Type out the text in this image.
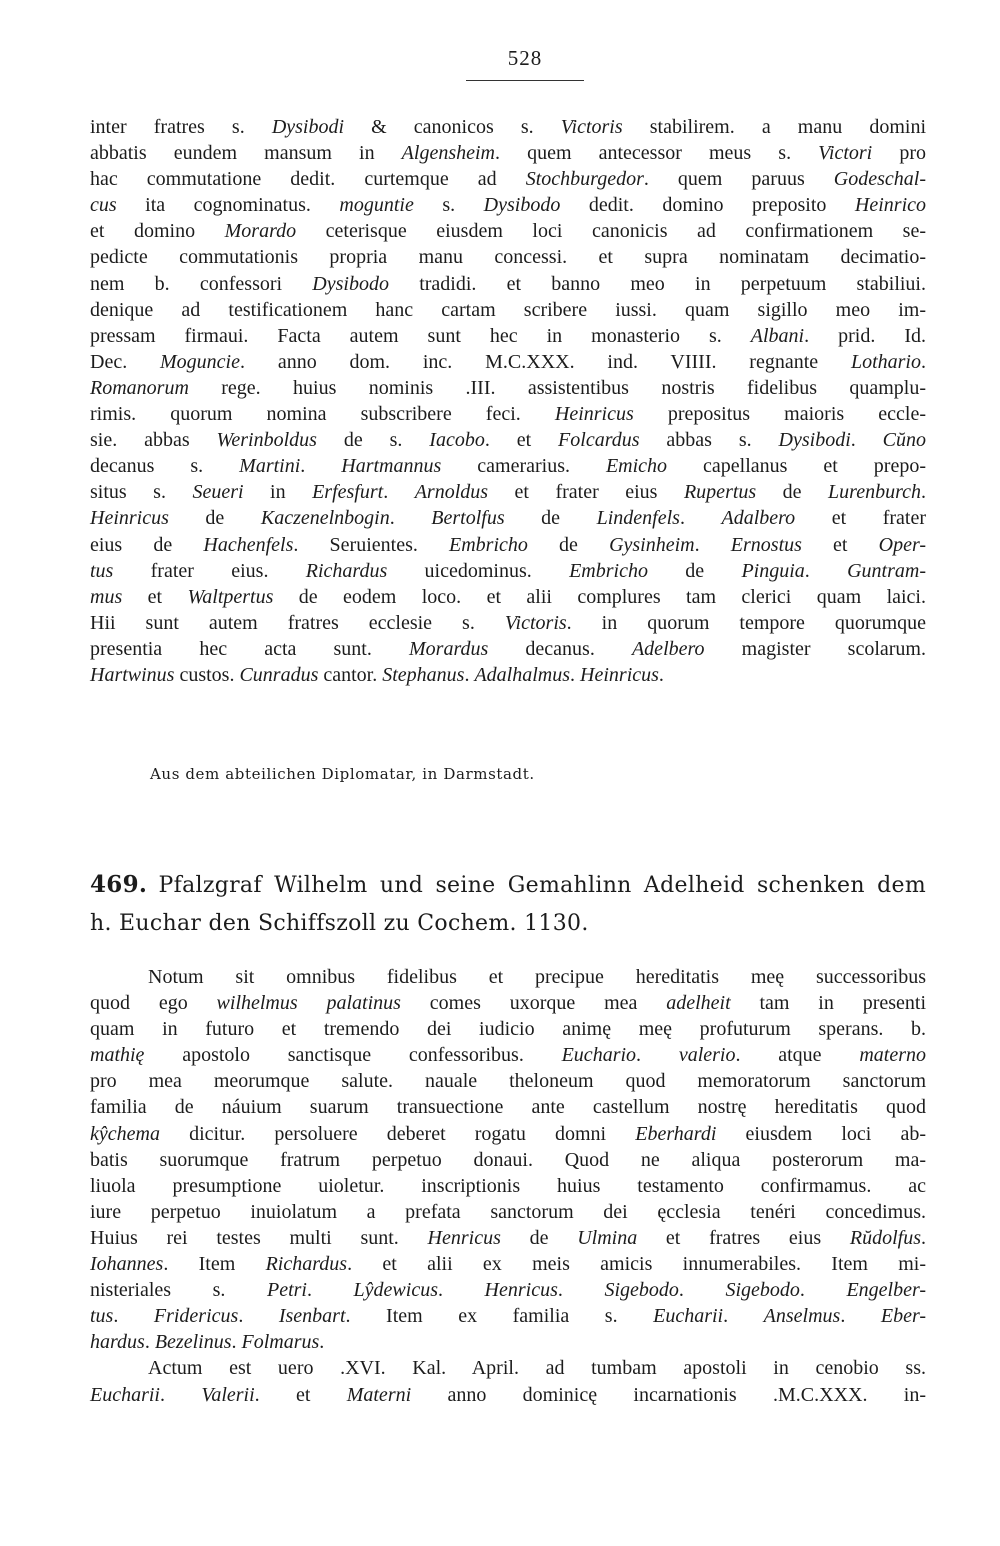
528
inter fratres s. Dysibodi & canonicos s. Victoris stabilirem. a manu domini
abbatis eundem mansum in Algensheim. quem antecessor meus s. Victori pro
hac commutatione dedit. curtemque ad Stochburgedor. quem paruus Godeschal-
cus ita cognominatus. moguntie s. Dysibodo dedit. domino preposito Heinrico
et domino Morardo ceterisque eiusdem loci canonicis ad confirmationem se-
pedicte commutationis propria manu concessi. et supra nominatam decimatio-
nem b. confessori Dysibodo tradidi. et banno meo in perpetuum stabiliui.
denique ad testificationem hanc cartam scribere iussi. quam sigillo meo im-
pressam firmaui. Facta autem sunt hec in monasterio s. Albani. prid. Id.
Dec. Moguncie. anno dom. inc. M.C.XXX. ind. VIIII. regnante Lothario.
Romanorum rege. huius nominis .III. assistentibus nostris fidelibus quamplu-
rimis. quorum nomina subscribere feci. Heinricus prepositus maioris eccle-
sie. abbas Werinboldus de s. Iacobo. et Folcardus abbas s. Dysibodi. Cŭno
decanus s. Martini. Hartmannus camerarius. Emicho capellanus et prepo-
situs s. Seueri in Erfesfurt. Arnoldus et frater eius Rupertus de Lurenburch.
Heinricus de Kaczenelnbogin. Bertolfus de Lindenfels. Adalbero et frater
eius de Hachenfels. Seruientes. Embricho de Gysinheim. Ernostus et Oper-
tus frater eius. Richardus uicedominus. Embricho de Pinguia. Guntram-
mus et Waltpertus de eodem loco. et alii complures tam clerici quam laici.
Hii sunt autem fratres ecclesie s. Victoris. in quorum tempore quorumque
presentia hec acta sunt. Morardus decanus. Adelbero magister scolarum.
Hartwinus custos. Cunradus cantor. Stephanus. Adalhalmus. Heinricus.
Aus dem abteilichen Diplomatar, in Darmstadt.
469. Pfalzgraf Wilhelm und seine Gemahlinn Adelheid schenken dem
h. Euchar den Schiffszoll zu Cochem. 1130.
Notum sit omnibus fidelibus et precipue hereditatis meę successoribus
quod ego wilhelmus palatinus comes uxorque mea adelheit tam in presenti
quam in futuro et tremendo dei iudicio animę meę profuturum sperans. b.
mathię apostolo sanctisque confessoribus. Euchario. valerio. atque materno
pro mea meorumque salute. nauale theloneum quod memoratorum sanctorum
familia de náuium suarum transuectione ante castellum nostrę hereditatis quod
kŷchema dicitur. persoluere deberet rogatu domni Eberhardi eiusdem loci ab-
batis suorumque fratrum perpetuo donaui. Quod ne aliqua posterorum ma-
liuola presumptione uioletur. inscriptionis huius testamento confirmamus. ac
iure perpetuo inuiolatum a prefata sanctorum dei ęcclesia tenéri concedimus.
Huius rei testes multi sunt. Henricus de Ulmina et fratres eius Rŭdolfus.
Iohannes. Item Richardus. et alii ex meis amicis innumerabiles. Item mi-
nisteriales s. Petri. Lŷdewicus. Henricus. Sigebodo. Sigebodo. Engelber-
tus. Fridericus. Isenbart. Item ex familia s. Eucharii. Anselmus. Eber-
hardus. Bezelinus. Folmarus.
Actum est uero .XVI. Kal. April. ad tumbam apostoli in cenobio ss.
Eucharii. Valerii. et Materni anno dominicę incarnationis .M.C.XXX. in-
